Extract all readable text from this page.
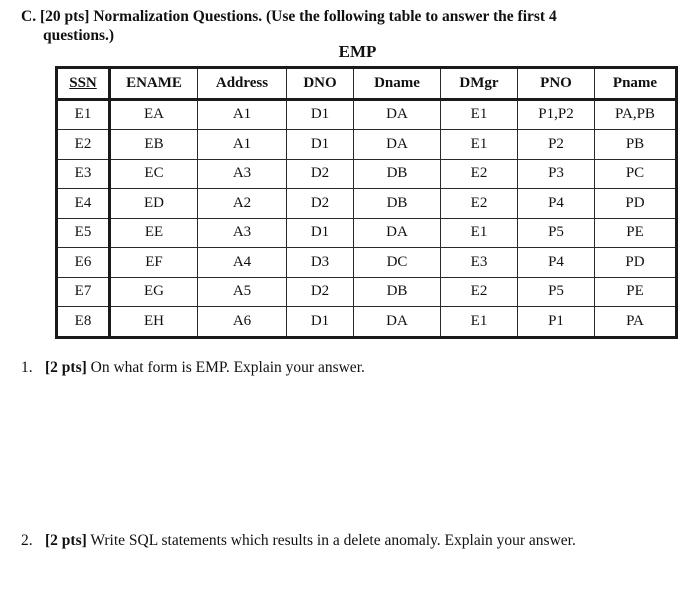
C. [20 pts] Normalization Questions. (Use the following table to answer the first 4
questions.)
EMP
SSN	ENAME	Address	DNO	Dname	DMgr	PNO	Pname
E1	EA	A1	D1	DA	E1	P1,P2	PA,PB
E2	EB	A1	D1	DA	E1	P2	PB
E3	EC	A3	D2	DB	E2	P3	PC
E4	ED	A2	D2	DB	E2	P4	PD
E5	EE	A3	D1	DA	E1	P5	PE
E6	EF	A4	D3	DC	E3	P4	PD
E7	EG	A5	D2	DB	E2	P5	PE
E8	EH	A6	D1	DA	E1	P1	PA
1. [2 pts] On what form is EMP. Explain your answer.
2. [2 pts] Write SQL statements which results in a delete anomaly. Explain your answer.
